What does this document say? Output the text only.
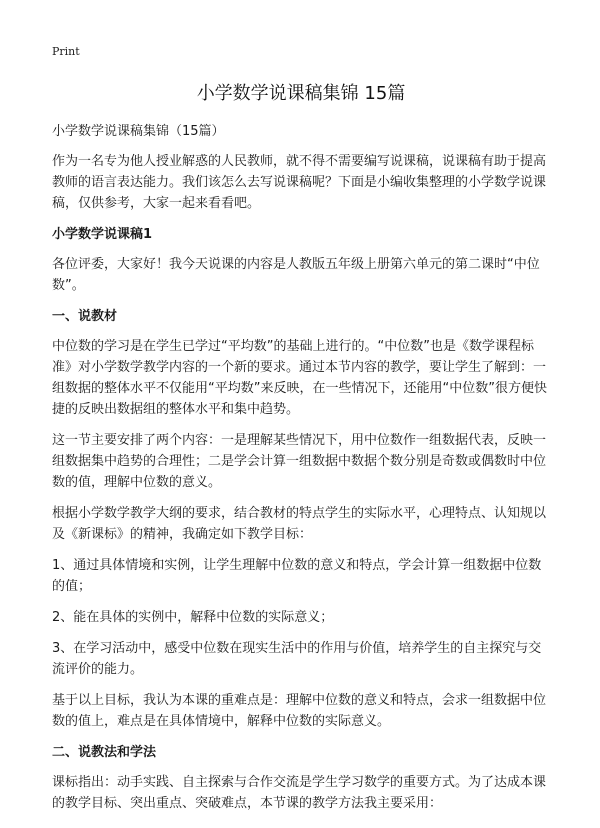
Print
小学数学说课稿集锦 15篇

小学数学说课稿集锦（15篇）

作为一名专为他人授业解惑的人民教师，就不得不需要编写说课稿，说课稿有助于提高教师的语言表达能力。我们该怎么去写说课稿呢？下面是小编收集整理的小学数学说课稿，仅供参考，大家一起来看看吧。

小学数学说课稿1

各位评委，大家好！我今天说课的内容是人教版五年级上册第六单元的第二课时“中位数”。

一、说教材

中位数的学习是在学生已学过“平均数”的基础上进行的。“中位数”也是《数学课程标准》对小学数学教学内容的一个新的要求。通过本节内容的教学，要让学生了解到：一组数据的整体水平不仅能用“平均数”来反映，在一些情况下，还能用“中位数”很方便快捷的反映出数据组的整体水平和集中趋势。

这一节主要安排了两个内容：一是理解某些情况下，用中位数作一组数据代表，反映一组数据集中趋势的合理性；二是学会计算一组数据中数据个数分别是奇数或偶数时中位数的值，理解中位数的意义。

根据小学数学教学大纲的要求，结合教材的特点学生的实际水平，心理特点、认知规以及《新课标》的精神，我确定如下教学目标：

1、通过具体情境和实例，让学生理解中位数的意义和特点，学会计算一组数据中位数的值；

2、能在具体的实例中，解释中位数的实际意义；

3、在学习活动中，感受中位数在现实生活中的作用与价值，培养学生的自主探究与交流评价的能力。

基于以上目标，我认为本课的重难点是：理解中位数的意义和特点，会求一组数据中位数的值上，难点是在具体情境中，解释中位数的实际意义。

二、说教法和学法

课标指出：动手实践、自主探索与合作交流是学生学习数学的重要方式。为了达成本课的教学目标、突出重点、突破难点，本节课的教学方法我主要采用：
